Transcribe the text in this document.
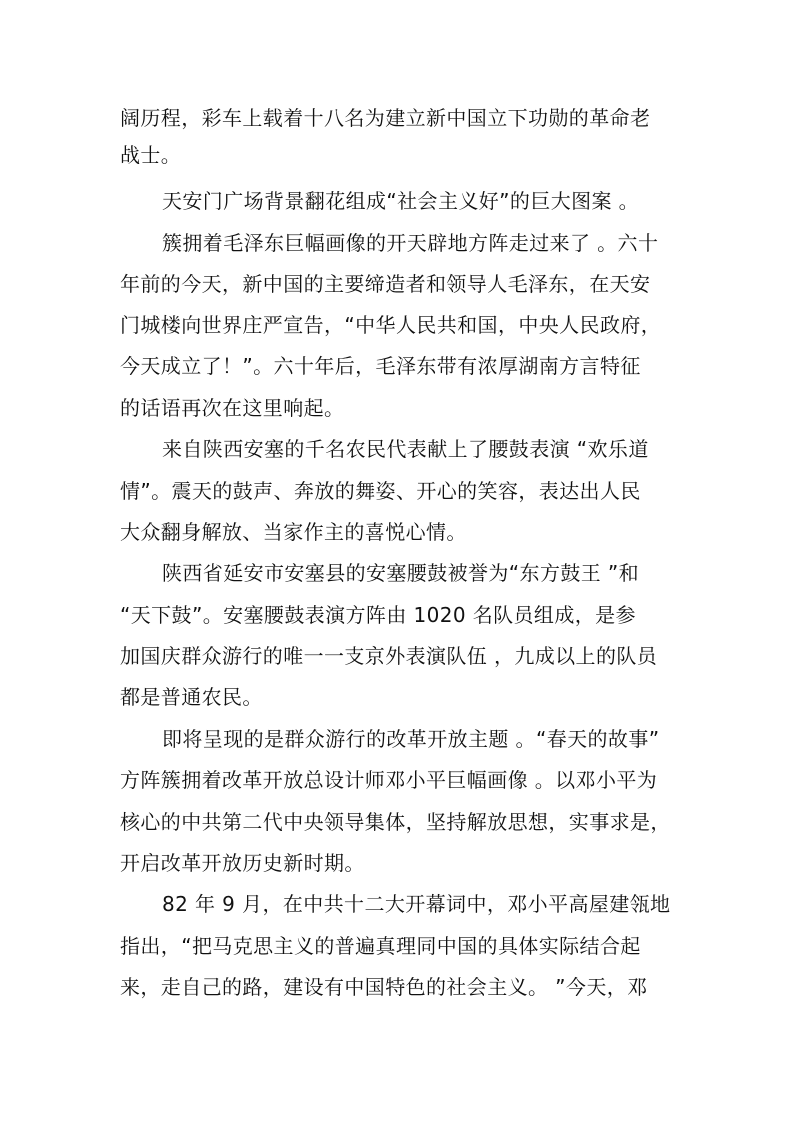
阔历程，彩车上载着十八名为建立新中国立下功勋的革命老
战士。
天安门广场背景翻花组成“社会主义好”的巨大图案 。
簇拥着毛泽东巨幅画像的开天辟地方阵走过来了 。六十
年前的今天，新中国的主要缔造者和领导人毛泽东，在天安
门城楼向世界庄严宣告，“中华人民共和国，中央人民政府，
今天成立了！”。六十年后，毛泽东带有浓厚湖南方言特征
的话语再次在这里响起。
来自陕西安塞的千名农民代表献上了腰鼓表演 “欢乐道
情”。震天的鼓声、奔放的舞姿、开心的笑容，表达出人民
大众翻身解放、当家作主的喜悦心情。
陕西省延安市安塞县的安塞腰鼓被誉为“东方鼓王 ”和
“天下鼓”。安塞腰鼓表演方阵由 1020 名队员组成，是参
加国庆群众游行的唯一一支京外表演队伍 ，九成以上的队员
都是普通农民。
即将呈现的是群众游行的改革开放主题 。“春天的故事”
方阵簇拥着改革开放总设计师邓小平巨幅画像 。以邓小平为
核心的中共第二代中央领导集体，坚持解放思想，实事求是，
开启改革开放历史新时期。
82 年 9 月，在中共十二大开幕词中，邓小平高屋建瓴地
指出，“把马克思主义的普遍真理同中国的具体实际结合起
来，走自己的路，建设有中国特色的社会主义。 ”今天，邓
